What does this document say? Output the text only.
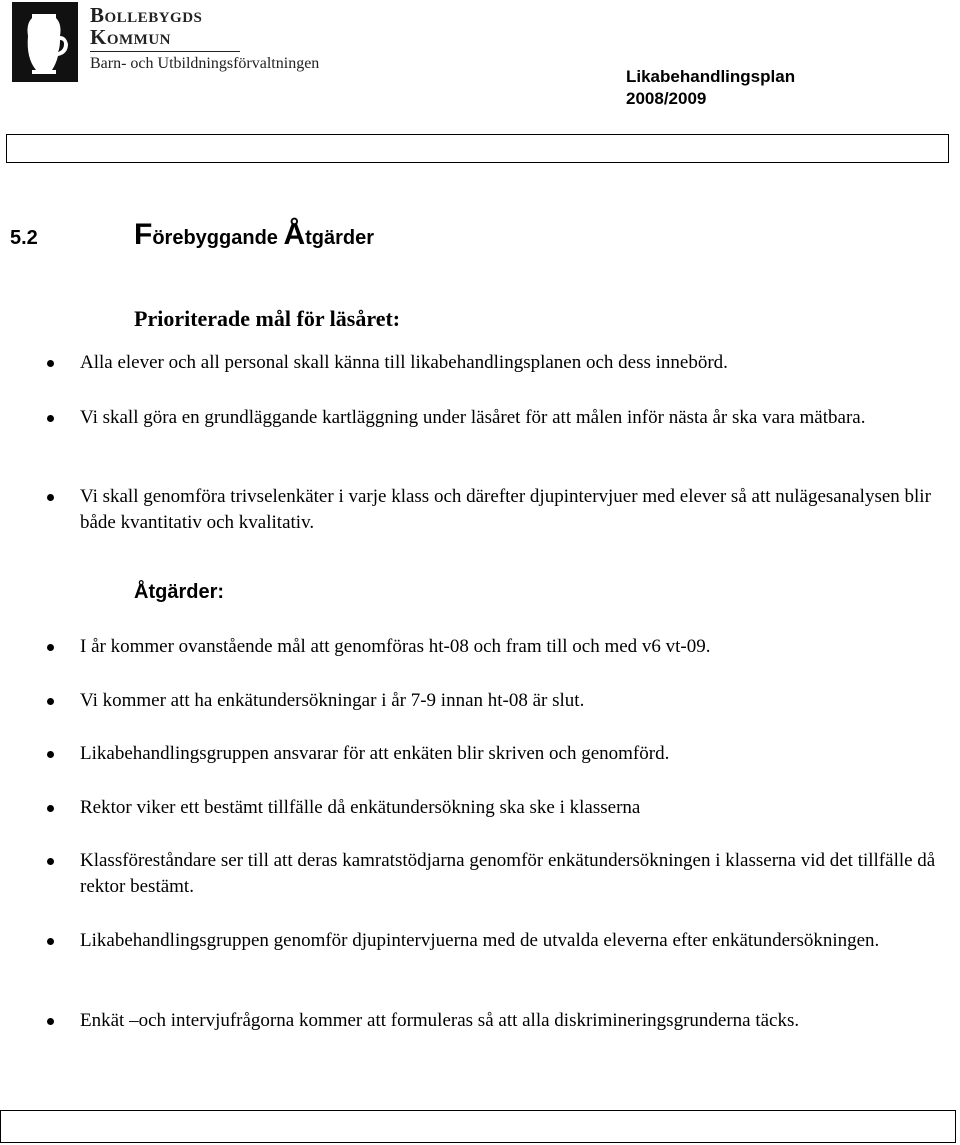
Bollebygds
Kommun
Barn- och Utbildningsförvaltningen
Likabehandlingsplan
2008/2009
5.2	Förebyggande Åtgärder
Prioriterade mål för läsåret:
Alla elever och all personal skall känna till likabehandlingsplanen och dess innebörd.
Vi skall göra en grundläggande kartläggning under läsåret för att målen inför nästa år ska vara mätbara.
Vi skall genomföra trivselenkäter i varje klass och därefter djupintervjuer med elever så att nulägesanalysen blir både kvantitativ och kvalitativ.
Åtgärder:
I år kommer ovanstående mål att genomföras ht-08 och fram till och med v6 vt-09.
Vi kommer att ha enkätundersökningar i år 7-9 innan ht-08 är slut.
Likabehandlingsgruppen ansvarar för att enkäten blir skriven och genomförd.
Rektor viker ett bestämt tillfälle då enkätundersökning ska ske i klasserna
Klassföreståndare ser till att deras kamratstödjarna genomför enkätundersökningen i klasserna vid det tillfälle då rektor bestämt.
Likabehandlingsgruppen genomför djupintervjuerna med de utvalda eleverna efter enkätundersökningen.
Enkät –och intervjufrågorna kommer att formuleras så att alla diskrimineringsgrunderna täcks.
